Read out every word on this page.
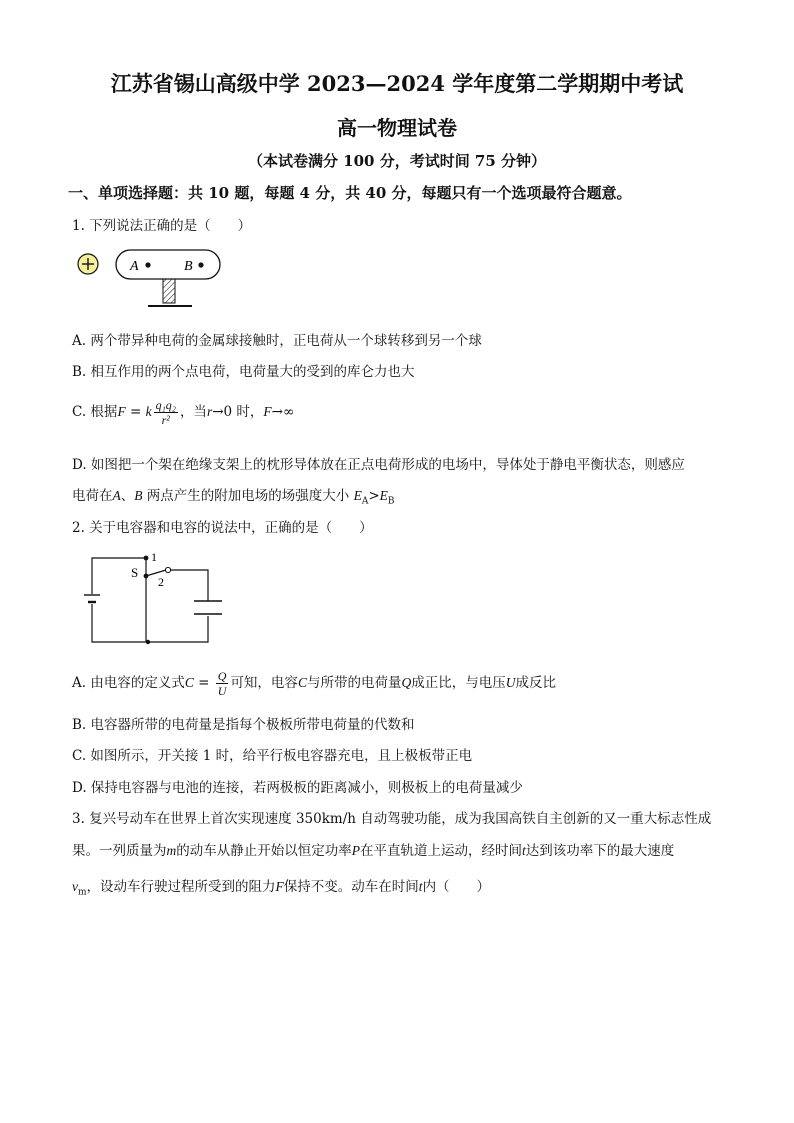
江苏省锡山高级中学 2023—2024 学年度第二学期期中考试
高一物理试卷
（本试卷满分 100 分，考试时间 75 分钟）
一、单项选择题：共 10 题，每题 4 分，共 40 分，每题只有一个选项最符合题意。
1. 下列说法正确的是（　　）
A	B
A. 两个带异种电荷的金属球接触时，正电荷从一个球转移到另一个球
B. 相互作用的两个点电荷，电荷量大的受到的库仑力也大
C. 根据F = k $\frac{\text{q₁q₂}}{\text{r²}}$ ，当r→0 时，F→∞
D. 如图把一个架在绝缘支架上的枕形导体放在正点电荷形成的电场中，导体处于静电平衡状态，则感应
电荷在A、B 两点产生的附加电场的场强度大小 $E_A>E_B$
2. 关于电容器和电容的说法中，正确的是（　　）
S
1
2
A. 由电容的定义式$C = \frac{Q}{U}$ 可知，电容C与所带的电荷量Q成正比，与电压U成反比
B. 电容器所带的电荷量是指每个极板所带电荷量的代数和
C. 如图所示，开关接 1 时，给平行板电容器充电，且上极板带正电
D. 保持电容器与电池的连接，若两极板的距离减小，则极板上的电荷量减少
3. 复兴号动车在世界上首次实现速度 350km/h 自动驾驶功能，成为我国高铁自主创新的又一重大标志性成
果。一列质量为m的动车从静止开始以恒定功率P在平直轨道上运动，经时间t达到该功率下的最大速度
$v_m$，设动车行驶过程所受到的阻力F保持不变。动车在时间t内（　　）
